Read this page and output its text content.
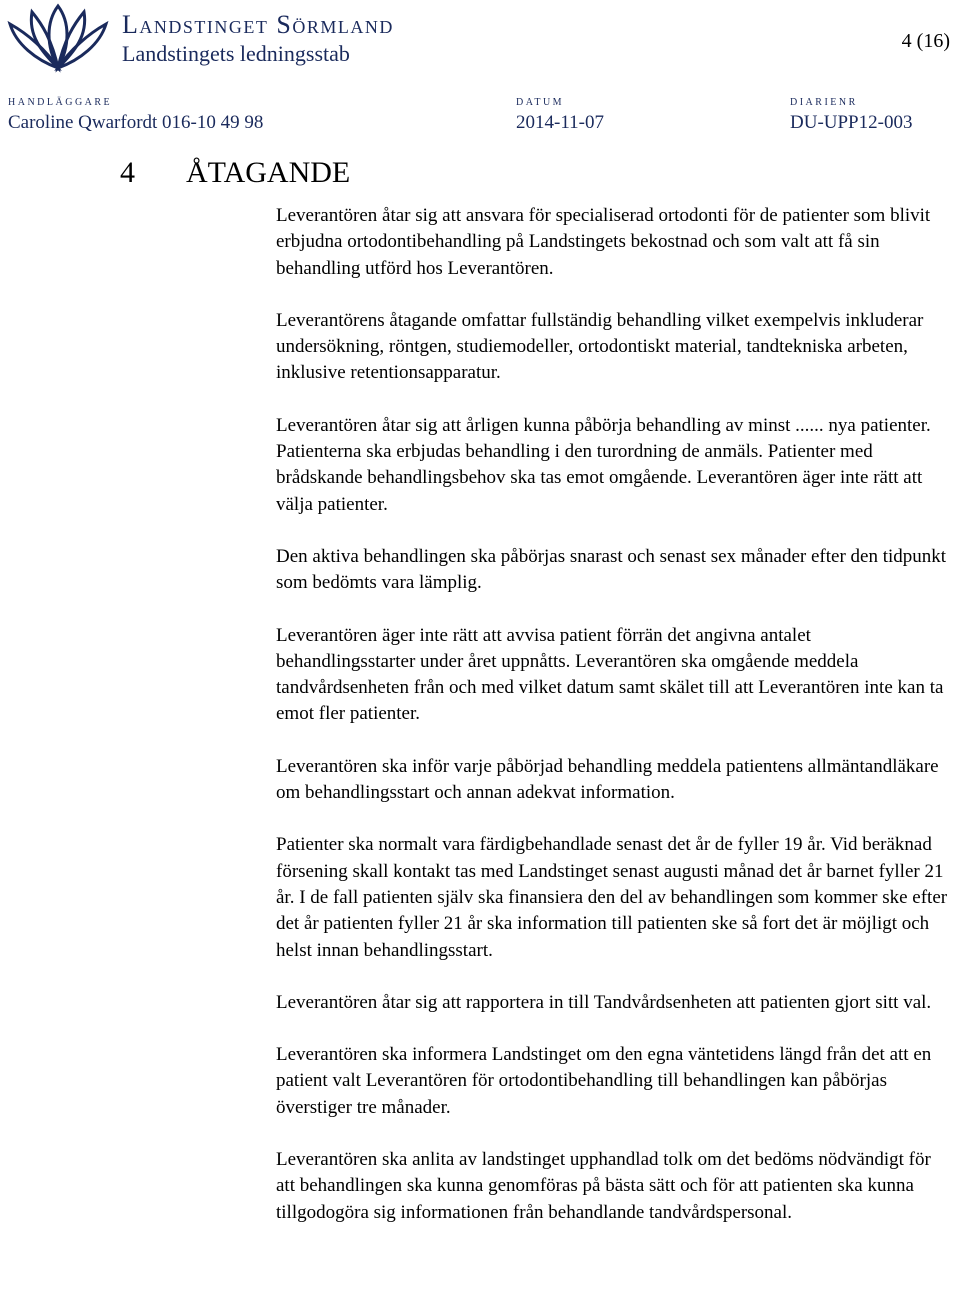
Landstinget Sörmland
Landstingets ledningsstab	4 (16)
HANDLÄGGARE
Caroline Qwarfordt 016-10 49 98
DATUM
2014-11-07
DIARIENR
DU-UPP12-003
4 ÅTAGANDE

Leverantören åtar sig att ansvara för specialiserad ortodonti för de patienter som blivit erbjudna ortodontibehandling på Landstingets bekostnad och som valt att få sin behandling utförd hos Leverantören.

Leverantörens åtagande omfattar fullständig behandling vilket exempelvis inkluderar undersökning, röntgen, studiemodeller, ortodontiskt material, tandtekniska arbeten, inklusive retentionsapparatur.

Leverantören åtar sig att årligen kunna påbörja behandling av minst ...... nya patienter. Patienterna ska erbjudas behandling i den turordning de anmäls. Patienter med brådskande behandlingsbehov ska tas emot omgående. Leverantören äger inte rätt att välja patienter.

Den aktiva behandlingen ska påbörjas snarast och senast sex månader efter den tidpunkt som bedömts vara lämplig.

Leverantören äger inte rätt att avvisa patient förrän det angivna antalet behandlingsstarter under året uppnåtts. Leverantören ska omgående meddela tandvårdsenheten från och med vilket datum samt skälet till att Leverantören inte kan ta emot fler patienter.

Leverantören ska inför varje påbörjad behandling meddela patientens allmäntandläkare om behandlingsstart och annan adekvat information.

Patienter ska normalt vara färdigbehandlade senast det år de fyller 19 år. Vid beräknad försening skall kontakt tas med Landstinget senast augusti månad det år barnet fyller 21 år. I de fall patienten själv ska finansiera den del av behandlingen som kommer ske efter det år patienten fyller 21 år ska information till patienten ske så fort det är möjligt och helst innan behandlingsstart.

Leverantören åtar sig att rapportera in till Tandvårdsenheten att patienten gjort sitt val.

Leverantören ska informera Landstinget om den egna väntetidens längd från det att en patient valt Leverantören för ortodontibehandling till behandlingen kan påbörjas överstiger tre månader.

Leverantören ska anlita av landstinget upphandlad tolk om det bedöms nödvändigt för att behandlingen ska kunna genomföras på bästa sätt och för att patienten ska kunna tillgodogöra sig informationen från behandlande tandvårdspersonal.
